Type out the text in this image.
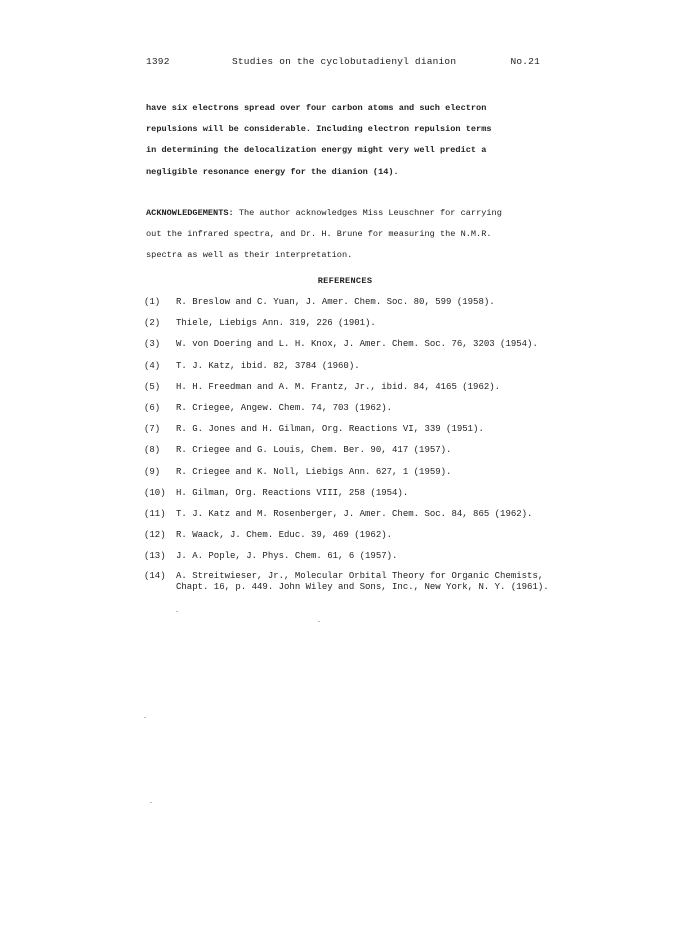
1392	Studies on the cyclobutadienyl dianion	No.21

have six electrons spread over four carbon atoms and such electron

repulsions will be considerable. Including electron repulsion terms

in determining the delocalization energy might very well predict a

negligible resonance energy for the dianion (14).

ACKNOWLEDGEMENTS: The author acknowledges Miss Leuschner for carrying
out the infrared spectra, and Dr. H. Brune for measuring the N.M.R.
spectra as well as their interpretation.
REFERENCES
(1) R. Breslow and C. Yuan, J. Amer. Chem. Soc. 80, 599 (1958).
(2) Thiele, Liebigs Ann. 319, 226 (1901).
(3) W. von Doering and L. H. Knox, J. Amer. Chem. Soc. 76, 3203 (1954).
(4) T. J. Katz, ibid. 82, 3784 (1960).
(5) H. H. Freedman and A. M. Frantz, Jr., ibid. 84, 4165 (1962).
(6) R. Criegee, Angew. Chem. 74, 703 (1962).
(7) R. G. Jones and H. Gilman, Org. Reactions VI, 339 (1951).
(8) R. Criegee and G. Louis, Chem. Ber. 90, 417 (1957).
(9) R. Criegee and K. Noll, Liebigs Ann. 627, 1 (1959).
(10) H. Gilman, Org. Reactions VIII, 258 (1954).
(11) T. J. Katz and M. Rosenberger, J. Amer. Chem. Soc. 84, 865 (1962).
(12) R. Waack, J. Chem. Educ. 39, 469 (1962).
(13) J. A. Pople, J. Phys. Chem. 61, 6 (1957).
(14) A. Streitwieser, Jr., Molecular Orbital Theory for Organic Chemists,
Chapt. 16, p. 449. John Wiley and Sons, Inc., New York, N. Y. (1961).
